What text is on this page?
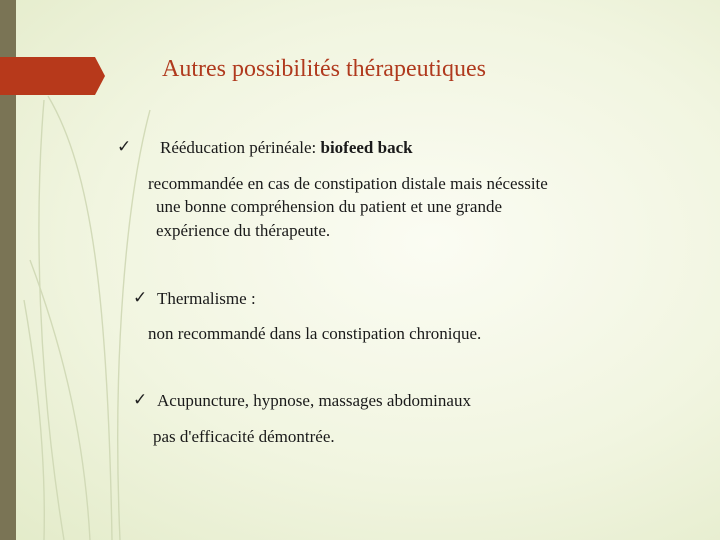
Autres possibilités thérapeutiques
✓ Rééducation périnéale: biofeed back
recommandée en cas de constipation distale mais nécessite
une bonne compréhension du patient et une grande
expérience du thérapeute.
✓ Thermalisme :
non recommandé dans la constipation chronique.
✓ Acupuncture, hypnose, massages abdominaux
pas d'efficacité démontrée.
